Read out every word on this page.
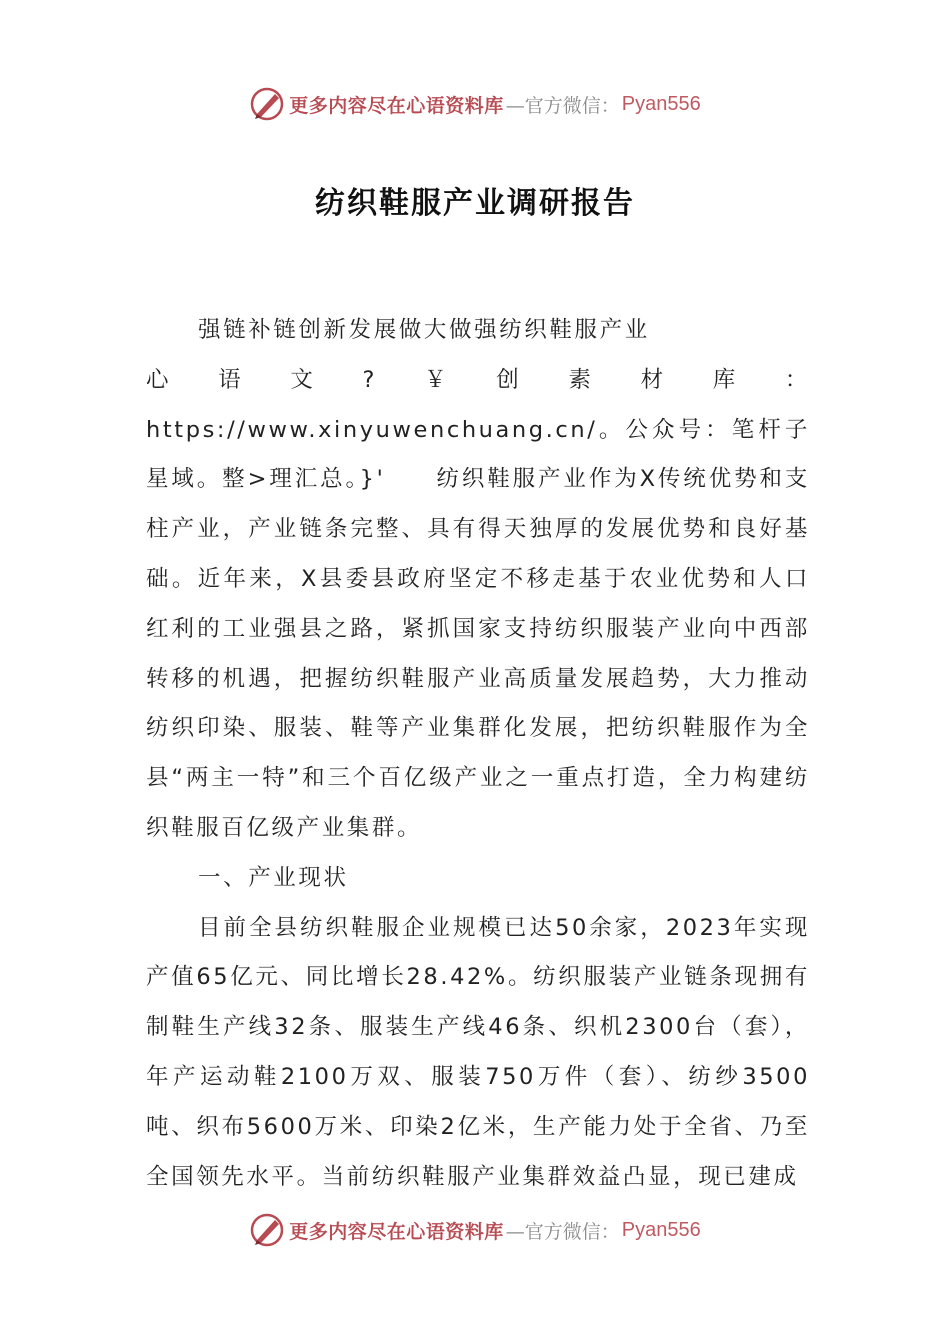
更多内容尽在心语资料库 —官方微信： Pyan556
纺织鞋服产业调研报告

强链补链创新发展做大做强纺织鞋服产业

心语文?￥创素材库：https://www.xinyuwenchuang.cn/。公众号：笔杆子星域。整>理汇总。}'　　纺织鞋服产业作为X传统优势和支柱产业，产业链条完整、具有得天独厚的发展优势和良好基础。近年来，X县委县政府坚定不移走基于农业优势和人口红利的工业强县之路，紧抓国家支持纺织服装产业向中西部转移的机遇，把握纺织鞋服产业高质量发展趋势，大力推动纺织印染、服装、鞋等产业集群化发展，把纺织鞋服作为全县“两主一特”和三个百亿级产业之一重点打造，全力构建纺织鞋服百亿级产业集群。

一、产业现状

目前全县纺织鞋服企业规模已达50余家，2023年实现产值65亿元、同比增长28.42%。纺织服装产业链条现拥有制鞋生产线32条、服装生产线46条、织机2300台（套），年产运动鞋2100万双、服装750万件（套）、纺纱3500吨、织布5600万米、印染2亿米，生产能力处于全省、乃至全国领先水平。当前纺织鞋服产业集群效益凸显，现已建成

更多内容尽在心语资料库 —官方微信： Pyan556
